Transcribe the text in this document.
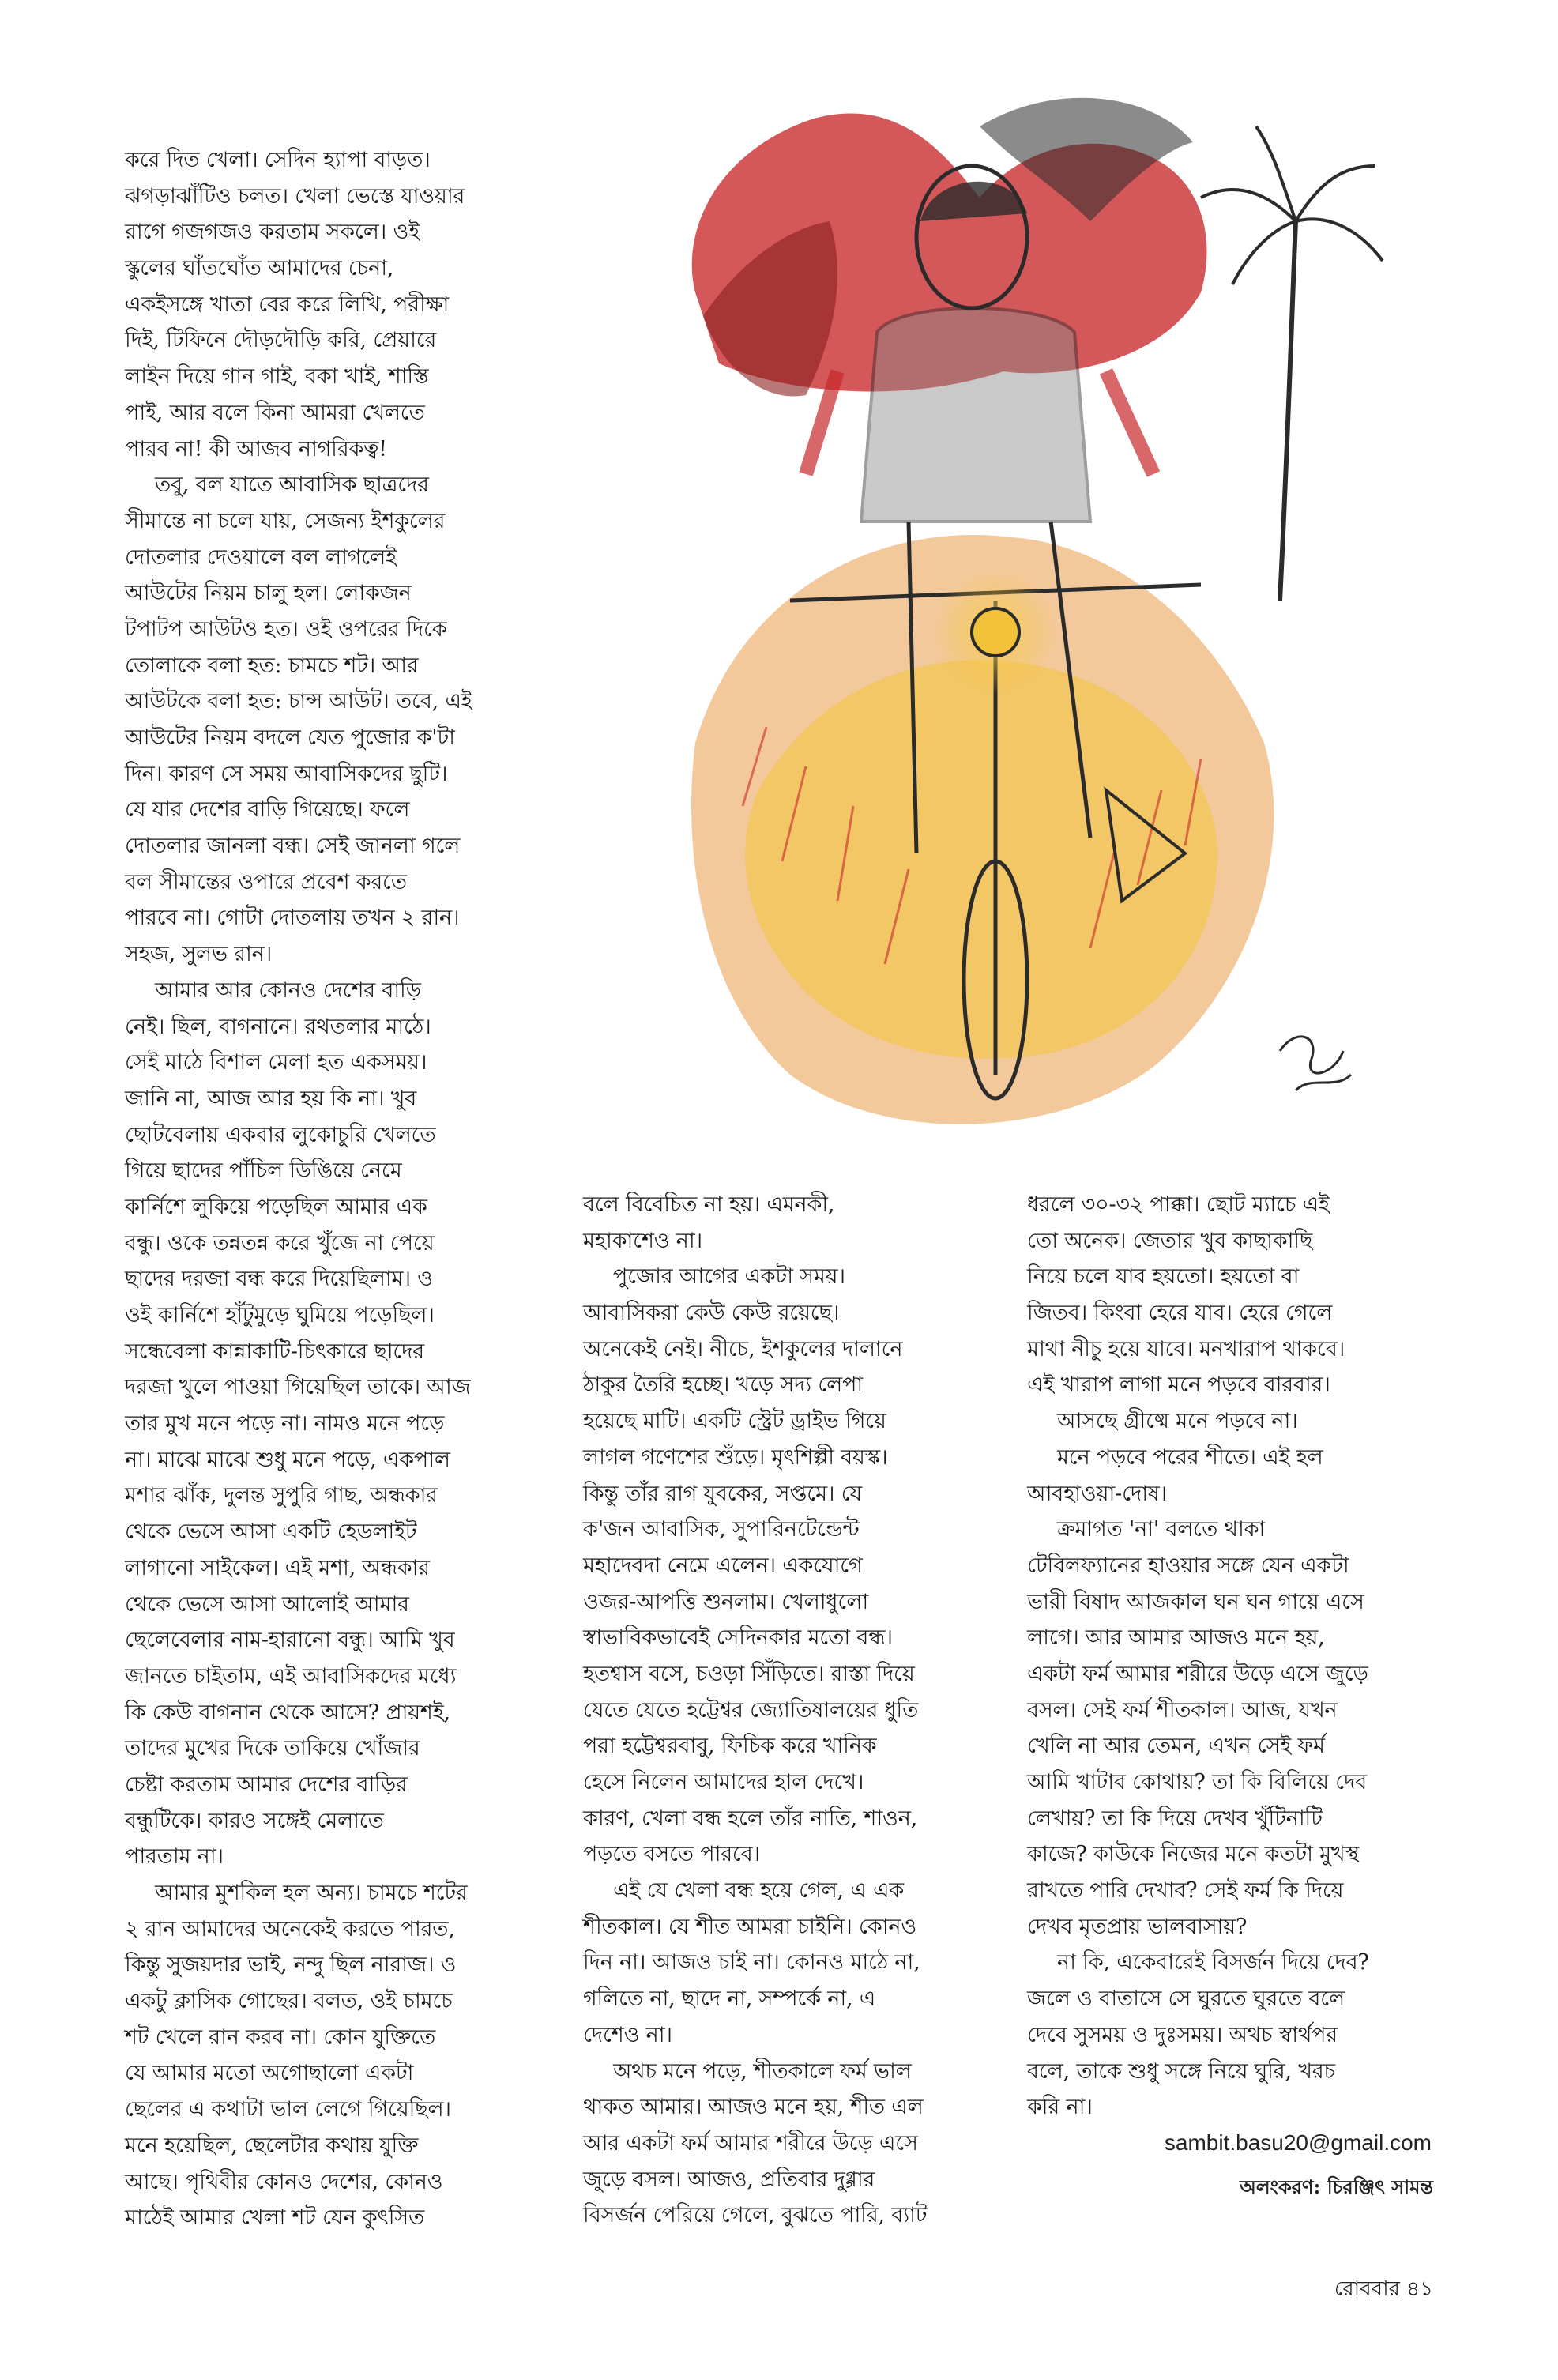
করে দিত খেলা। সেদিন হ্যাপা বাড়ত।
ঝগড়াঝাঁটিও চলত। খেলা ভেস্তে যাওয়ার
রাগে গজগজও করতাম সকলে। ওই
স্কুলের ঘাঁতঘোঁত আমাদের চেনা,
একইসঙ্গে খাতা বের করে লিখি, পরীক্ষা
দিই, টিফিনে দৌড়দৌড়ি করি, প্রেয়ারে
লাইন দিয়ে গান গাই, বকা খাই, শাস্তি
পাই, আর বলে কিনা আমরা খেলতে
পারব না! কী আজব নাগরিকত্ব!
তবু, বল যাতে আবাসিক ছাত্রদের
সীমান্তে না চলে যায়, সেজন্য ইশকুলের
দোতলার দেওয়ালে বল লাগলেই
আউটের নিয়ম চালু হল। লোকজন
টপাটপ আউটও হত। ওই ওপরের দিকে
তোলাকে বলা হত: চামচে শট। আর
আউটকে বলা হত: চান্স আউট। তবে, এই
আউটের নিয়ম বদলে যেত পুজোর ক'টা
দিন। কারণ সে সময় আবাসিকদের ছুটি।
যে যার দেশের বাড়ি গিয়েছে। ফলে
দোতলার জানলা বন্ধ। সেই জানলা গলে
বল সীমান্তের ওপারে প্রবেশ করতে
পারবে না। গোটা দোতলায় তখন ২ রান।
সহজ, সুলভ রান।
আমার আর কোনও দেশের বাড়ি
নেই। ছিল, বাগনানে। রথতলার মাঠে।
সেই মাঠে বিশাল মেলা হত একসময়।
জানি না, আজ আর হয় কি না। খুব
ছোটবেলায় একবার লুকোচুরি খেলতে
গিয়ে ছাদের পাঁচিল ডিঙিয়ে নেমে
কার্নিশে লুকিয়ে পড়েছিল আমার এক
বন্ধু। ওকে তন্নতন্ন করে খুঁজে না পেয়ে
ছাদের দরজা বন্ধ করে দিয়েছিলাম। ও
ওই কার্নিশে হাঁটুমুড়ে ঘুমিয়ে পড়েছিল।
সন্ধেবেলা কান্নাকাটি-চিৎকারে ছাদের
দরজা খুলে পাওয়া গিয়েছিল তাকে। আজ
তার মুখ মনে পড়ে না। নামও মনে পড়ে
না। মাঝে মাঝে শুধু মনে পড়ে, একপাল
মশার ঝাঁক, দুলন্ত সুপুরি গাছ, অন্ধকার
থেকে ভেসে আসা একটি হেডলাইট
লাগানো সাইকেল। এই মশা, অন্ধকার
থেকে ভেসে আসা আলোই আমার
ছেলেবেলার নাম-হারানো বন্ধু। আমি খুব
জানতে চাইতাম, এই আবাসিকদের মধ্যে
কি কেউ বাগনান থেকে আসে? প্রায়শই,
তাদের মুখের দিকে তাকিয়ে খোঁজার
চেষ্টা করতাম আমার দেশের বাড়ির
বন্ধুটিকে। কারও সঙ্গেই মেলাতে
পারতাম না।
আমার মুশকিল হল অন্য। চামচে শটের
২ রান আমাদের অনেকেই করতে পারত,
কিন্তু সুজয়দার ভাই, নন্দু ছিল নারাজ। ও
একটু ক্লাসিক গোছের। বলত, ওই চামচে
শট খেলে রান করব না। কোন যুক্তিতে
যে আমার মতো অগোছালো একটা
ছেলের এ কথাটা ভাল লেগে গিয়েছিল।
মনে হয়েছিল, ছেলেটার কথায় যুক্তি
আছে। পৃথিবীর কোনও দেশের, কোনও
মাঠেই আমার খেলা শট যেন কুৎসিত
বলে বিবেচিত না হয়। এমনকী,
মহাকাশেও না।
পুজোর আগের একটা সময়।
আবাসিকরা কেউ কেউ রয়েছে।
অনেকেই নেই। নীচে, ইশকুলের দালানে
ঠাকুর তৈরি হচ্ছে। খড়ে সদ্য লেপা
হয়েছে মাটি। একটি স্ট্রেট ড্রাইভ গিয়ে
লাগল গণেশের শুঁড়ে। মৃৎশিল্পী বয়স্ক।
কিন্তু তাঁর রাগ যুবকের, সপ্তমে। যে
ক'জন আবাসিক, সুপারিনটেন্ডেন্ট
মহাদেবদা নেমে এলেন। একযোগে
ওজর-আপত্তি শুনলাম। খেলাধুলো
স্বাভাবিকভাবেই সেদিনকার মতো বন্ধ।
হতশ্বাস বসে, চওড়া সিঁড়িতে। রাস্তা দিয়ে
যেতে যেতে হট্টেশ্বর জ্যোতিষালয়ের ধুতি
পরা হট্টেশ্বরবাবু, ফিচিক করে খানিক
হেসে নিলেন আমাদের হাল দেখে।
কারণ, খেলা বন্ধ হলে তাঁর নাতি, শাওন,
পড়তে বসতে পারবে।
এই যে খেলা বন্ধ হয়ে গেল, এ এক
শীতকাল। যে শীত আমরা চাইনি। কোনও
দিন না। আজও চাই না। কোনও মাঠে না,
গলিতে না, ছাদে না, সম্পর্কে না, এ
দেশেও না।
অথচ মনে পড়ে, শীতকালে ফর্ম ভাল
থাকত আমার। আজও মনে হয়, শীত এল
আর একটা ফর্ম আমার শরীরে উড়ে এসে
জুড়ে বসল। আজও, প্রতিবার দুগ্গার
বিসর্জন পেরিয়ে গেলে, বুঝতে পারি, ব্যাট
ধরলে ৩০-৩২ পাক্কা। ছোট ম্যাচে এই
তো অনেক। জেতার খুব কাছাকাছি
নিয়ে চলে যাব হয়তো। হয়তো বা
জিতব। কিংবা হেরে যাব। হেরে গেলে
মাথা নীচু হয়ে যাবে। মনখারাপ থাকবে।
এই খারাপ লাগা মনে পড়বে বারবার।
আসছে গ্রীষ্মে মনে পড়বে না।
মনে পড়বে পরের শীতে। এই হল
আবহাওয়া-দোষ।
ক্রমাগত 'না' বলতে থাকা
টেবিলফ্যানের হাওয়ার সঙ্গে যেন একটা
ভারী বিষাদ আজকাল ঘন ঘন গায়ে এসে
লাগে। আর আমার আজও মনে হয়,
একটা ফর্ম আমার শরীরে উড়ে এসে জুড়ে
বসল। সেই ফর্ম শীতকাল। আজ, যখন
খেলি না আর তেমন, এখন সেই ফর্ম
আমি খাটাব কোথায়? তা কি বিলিয়ে দেব
লেখায়? তা কি দিয়ে দেখব খুঁটিনাটি
কাজে? কাউকে নিজের মনে কতটা মুখস্থ
রাখতে পারি দেখাব? সেই ফর্ম কি দিয়ে
দেখব মৃতপ্রায় ভালবাসায়?
না কি, একেবারেই বিসর্জন দিয়ে দেব?
জলে ও বাতাসে সে ঘুরতে ঘুরতে বলে
দেবে সুসময় ও দুঃসময়। অথচ স্বার্থপর
বলে, তাকে শুধু সঙ্গে নিয়ে ঘুরি, খরচ
করি না।
sambit.basu20@gmail.com
অলংকরণ: চিরঞ্জিৎ সামন্ত
রোববার ৪১
